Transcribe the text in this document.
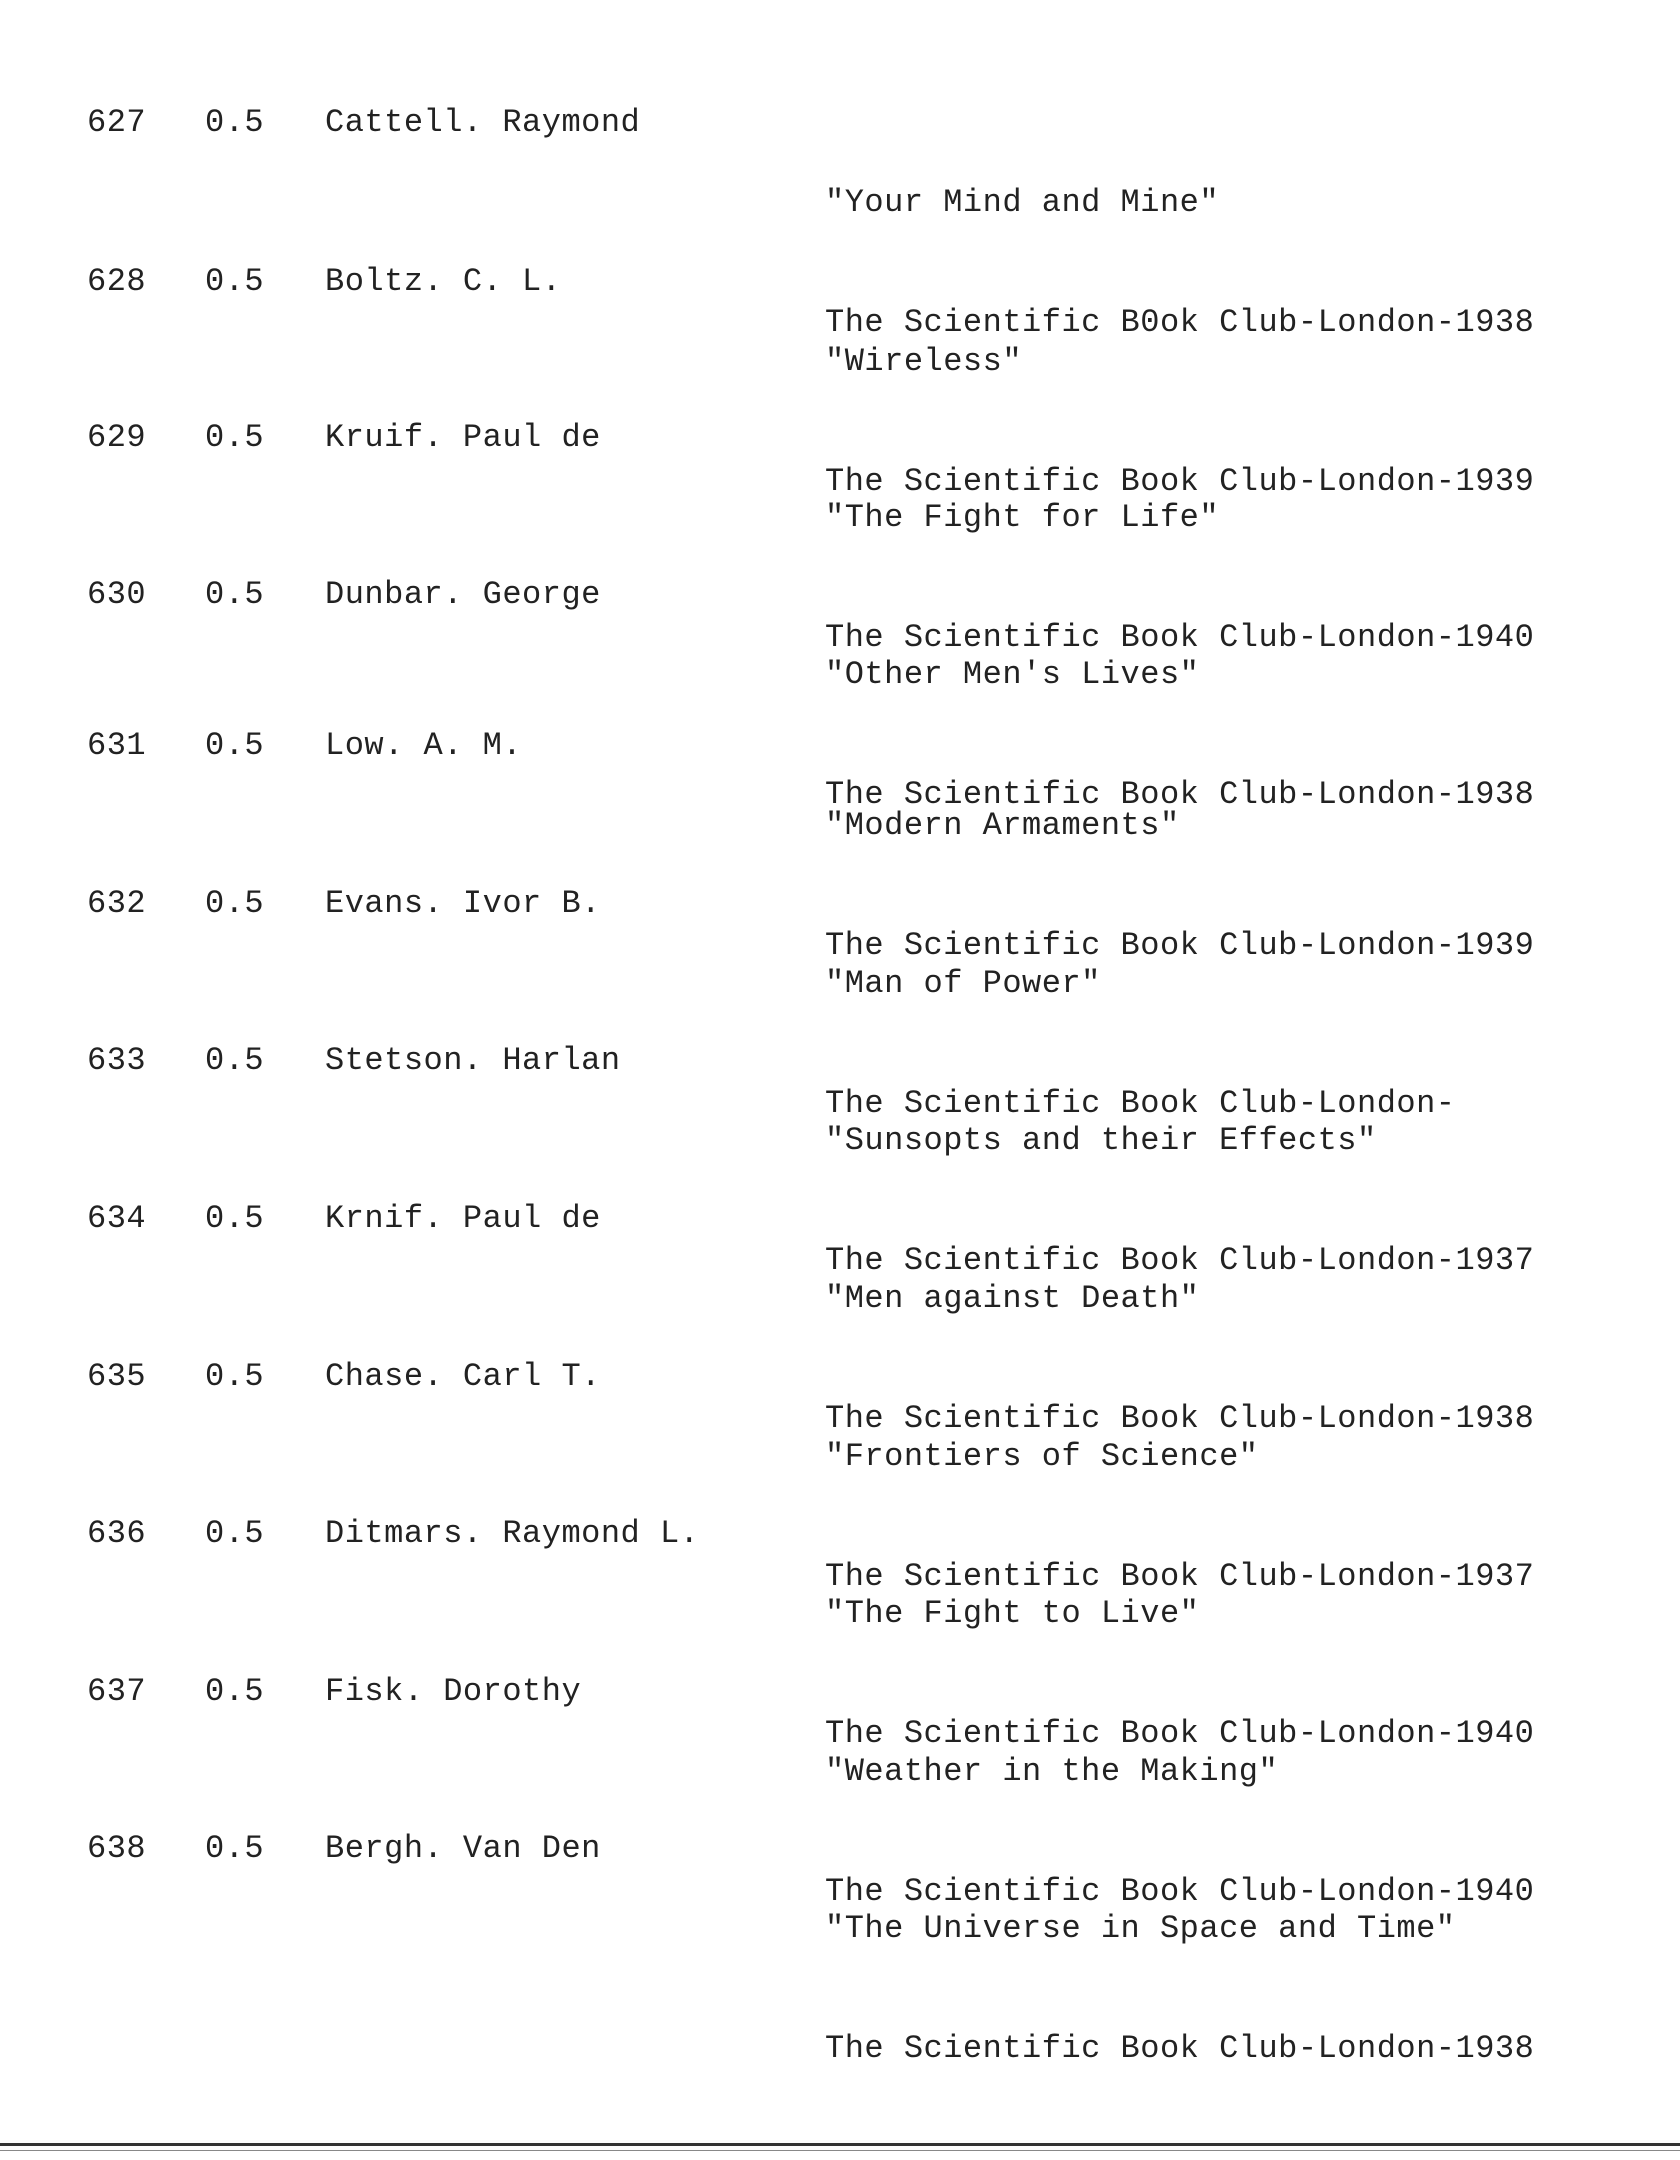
627 0.5 Cattell. Raymond

"Your Mind and Mine"

The Scientific B0ok Club-London-1938

628 0.5 Boltz. C. L.

"Wireless"

The Scientific Book Club-London-1939

629 0.5 Kruif. Paul de

"The Fight for Life"

The Scientific Book Club-London-1940

630 0.5 Dunbar. George

"Other Men's Lives"

The Scientific Book Club-London-1938

631 0.5 Low. A. M.

"Modern Armaments"

The Scientific Book Club-London-1939

632 0.5 Evans. Ivor B.

"Man of Power"

The Scientific Book Club-London-

633 0.5 Stetson. Harlan

"Sunsopts and their Effects"

The Scientific Book Club-London-1937

634 0.5 Krnif. Paul de

"Men against Death"

The Scientific Book Club-London-1938

635 0.5 Chase. Carl T.

"Frontiers of Science"

The Scientific Book Club-London-1937

636 0.5 Ditmars. Raymond L.

"The Fight to Live"

The Scientific Book Club-London-1940

637 0.5 Fisk. Dorothy

"Weather in the Making"

The Scientific Book Club-London-1940

638 0.5 Bergh. Van Den

"The Universe in Space and Time"

The Scientific Book Club-London-1938
